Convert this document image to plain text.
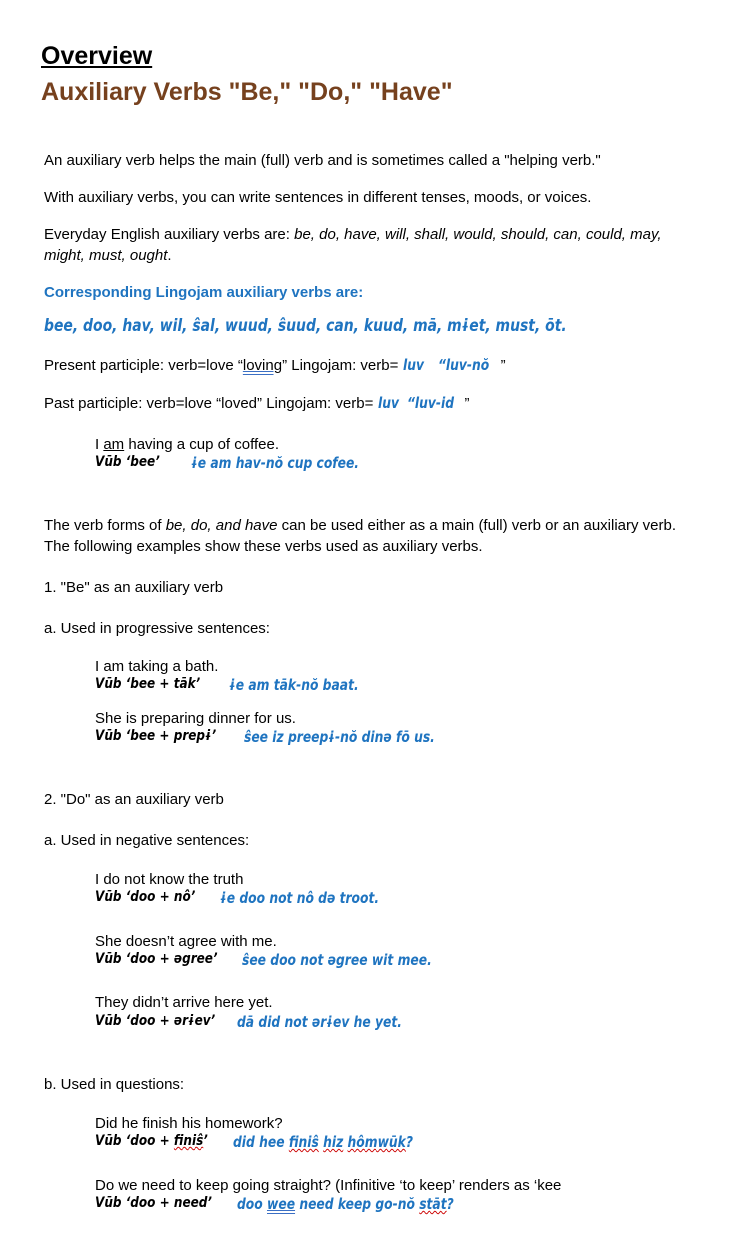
Overview
Auxiliary Verbs "Be," "Do," "Have"
An auxiliary verb helps the main (full) verb and is sometimes called a "helping verb."
With auxiliary verbs, you can write sentences in different tenses, moods, or voices.
Everyday English auxiliary verbs are: be, do, have, will, shall, would, should, can, could, may,
might, must, ought.
Corresponding Lingojam auxiliary verbs are:
bee, doo, hav, wil, ŝal, wuud, ŝuud, can, kuud, mā, mɨet, must, ōt.
Present participle: verb=love “loving” Lingojam: verb= luv “luv-nŏ ”
Past participle: verb=love “loved” Lingojam: verb= luv “luv-id ”
I am having a cup of coffee.
Vūb ‘bee’ ɨe am hav-nŏ cup cofee.
The verb forms of be, do, and have can be used either as a main (full) verb or an auxiliary verb.
The following examples show these verbs used as auxiliary verbs.
1. "Be" as an auxiliary verb
a. Used in progressive sentences:
I am taking a bath.
Vūb ‘bee + tāk’ ɨe am tāk-nŏ baat.
She is preparing dinner for us.
Vūb ‘bee + prepɨ’ ŝee iz preepɨ-nŏ dinə fō us.
2. "Do" as an auxiliary verb
a. Used in negative sentences:
I do not know the truth
Vūb ‘doo + nô’ ɨe doo not nô də troot.
She doesn’t agree with me.
Vūb ‘doo + əgree’ ŝee doo not əgree wit mee.
They didn’t arrive here yet.
Vūb ‘doo + ərɨev’ dā did not ərɨev he yet.
b. Used in questions:
Did he finish his homework?
Vūb ‘doo + finiŝ’ did hee finiŝ hiz hômwūk?
Do we need to keep going straight? (Infinitive ‘to keep’ renders as ‘kee
Vūb ‘doo + need’ doo wee need keep go-nŏ stāt?
